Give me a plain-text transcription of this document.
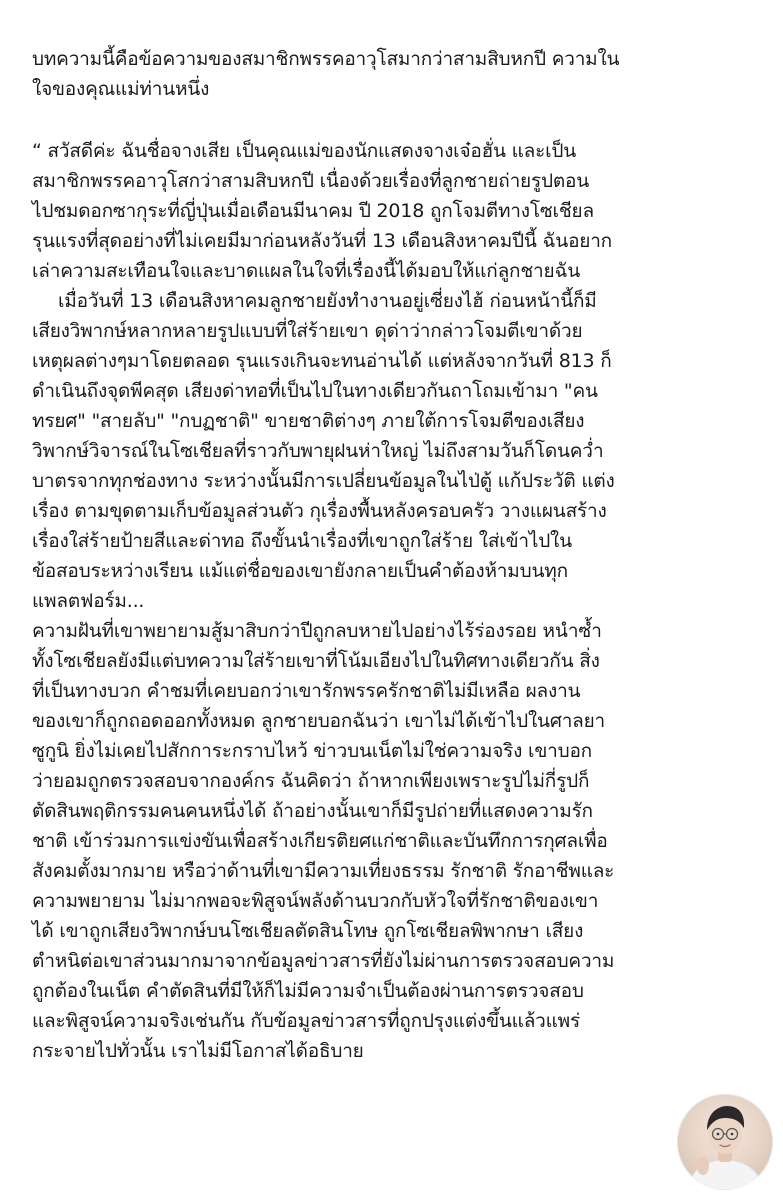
บทความนี้คือข้อความของสมาชิกพรรคอาวุโสมากว่าสามสิบหกปี ความใน
ใจของคุณแม่ท่านหนึ่ง
“ สวัสดีค่ะ ฉันชื่อจางเสีย เป็นคุณแม่ของนักแสดงจางเจ๋อฮั่น และเป็น
สมาชิกพรรคอาวุโสกว่าสามสิบหกปี เนื่องด้วยเรื่องที่ลูกชายถ่ายรูปตอน
ไปชมดอกซากุระที่ญี่ปุ่นเมื่อเดือนมีนาคม ปี 2018 ถูกโจมตีทางโซเชียล
รุนแรงที่สุดอย่างที่ไม่เคยมีมาก่อนหลังวันที่ 13 เดือนสิงหาคมปีนี้ ฉันอยาก
เล่าความสะเทือนใจและบาดแผลในใจที่เรื่องนี้ได้มอบให้แก่ลูกชายฉัน
เมื่อวันที่ 13 เดือนสิงหาคมลูกชายยังทำงานอยู่เซี่ยงไฮ้ ก่อนหน้านี้ก็มี
เสียงวิพากษ์หลากหลายรูปแบบที่ใส่ร้ายเขา ดุด่าว่ากล่าวโจมตีเขาด้วย
เหตุผลต่างๆมาโดยตลอด รุนแรงเกินจะทนอ่านได้ แต่หลังจากวันที่ 813 ก็
ดำเนินถึงจุดพีคสุด เสียงด่าทอที่เป็นไปในทางเดียวกันถาโถมเข้ามา "คน
ทรยศ" "สายลับ" "กบฏชาติ" ขายชาติต่างๆ ภายใต้การโจมตีของเสียง
วิพากษ์วิจารณ์ในโซเชียลที่ราวกับพายุฝนห่าใหญ่ ไม่ถึงสามวันก็โดนคว่ำ
บาตรจากทุกช่องทาง ระหว่างนั้นมีการเปลี่ยนข้อมูลในไป่ตู้ แก้ประวัติ แต่ง
เรื่อง ตามขุดตามเก็บข้อมูลส่วนตัว กุเรื่องพื้นหลังครอบครัว วางแผนสร้าง
เรื่องใส่ร้ายป้ายสีและด่าทอ ถึงขั้นนำเรื่องที่เขาถูกใส่ร้าย ใส่เข้าไปใน
ข้อสอบระหว่างเรียน แม้แต่ชื่อของเขายังกลายเป็นคำต้องห้ามบนทุก
แพลตฟอร์ม...
ความฝันที่เขาพยายามสู้มาสิบกว่าปีถูกลบหายไปอย่างไร้ร่องรอย หนำซ้ำ
ทั้งโซเชียลยังมีแต่บทความใส่ร้ายเขาที่โน้มเอียงไปในทิศทางเดียวกัน สิ่ง
ที่เป็นทางบวก คำชมที่เคยบอกว่าเขารักพรรครักชาติไม่มีเหลือ ผลงาน
ของเขาก็ถูกถอดออกทั้งหมด ลูกชายบอกฉันว่า เขาไม่ได้เข้าไปในศาลยา
ซูกูนิ ยิ่งไม่เคยไปสักการะกราบไหว้ ข่าวบนเน็ตไม่ใช่ความจริง เขาบอก
ว่ายอมถูกตรวจสอบจากองค์กร ฉันคิดว่า ถ้าหากเพียงเพราะรูปไม่กี่รูปก็
ตัดสินพฤติกรรมคนคนหนึ่งได้ ถ้าอย่างนั้นเขาก็มีรูปถ่ายที่แสดงความรัก
ชาติ เข้าร่วมการแข่งขันเพื่อสร้างเกียรติยศแก่ชาติและบันทึกการกุศลเพื่อ
สังคมตั้งมากมาย หรือว่าด้านที่เขามีความเที่ยงธรรม รักชาติ รักอาชีพและ
ความพยายาม ไม่มากพอจะพิสูจน์พลังด้านบวกกับหัวใจที่รักชาติของเขา
ได้ เขาถูกเสียงวิพากษ์บนโซเชียลตัดสินโทษ ถูกโซเชียลพิพากษา เสียง
ตำหนิต่อเขาส่วนมากมาจากข้อมูลข่าวสารที่ยังไม่ผ่านการตรวจสอบความ
ถูกต้องในเน็ต คำตัดสินที่มีให้ก็ไม่มีความจำเป็นต้องผ่านการตรวจสอบ
และพิสูจน์ความจริงเช่นกัน กับข้อมูลข่าวสารที่ถูกปรุงแต่งขึ้นแล้วแพร่
กระจายไปทั่วนั้น เราไม่มีโอกาสได้อธิบาย
